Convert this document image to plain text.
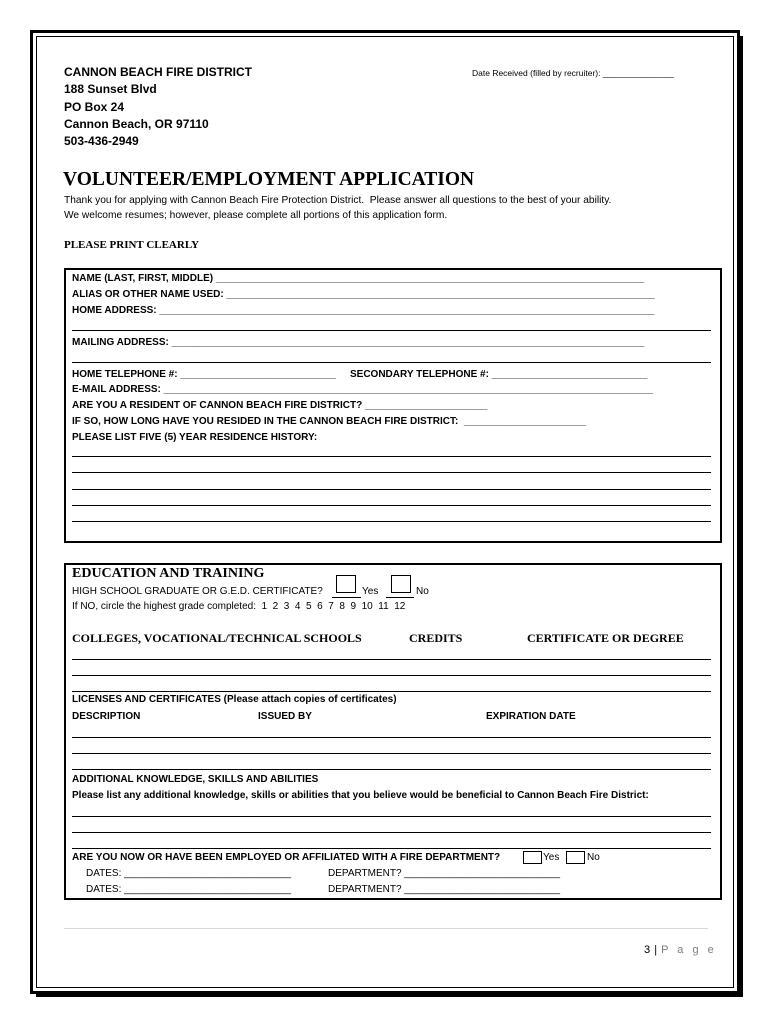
CANNON BEACH FIRE DISTRICT
188 Sunset Blvd
PO Box 24
Cannon Beach, OR 97110
503-436-2949
Date Received (filled by recruiter): _______________
VOLUNTEER/EMPLOYMENT APPLICATION
Thank you for applying with Cannon Beach Fire Protection District.  Please answer all questions to the best of your ability.
We welcome resumes; however, please complete all portions of this application form.
PLEASE PRINT CLEARLY
NAME (LAST, FIRST, MIDDLE) _____________________________________________________________________________
ALIAS OR OTHER NAME USED: _____________________________________________________________________________
HOME ADDRESS: _________________________________________________________________________________________
MAILING ADDRESS: _____________________________________________________________________________________
HOME TELEPHONE #: ____________________________ SECONDARY TELEPHONE #: ____________________________
E-MAIL ADDRESS: ________________________________________________________________________________________
ARE YOU A RESIDENT OF CANNON BEACH FIRE DISTRICT? ______________________
IF SO, HOW LONG HAVE YOU RESIDED IN THE CANNON BEACH FIRE DISTRICT:  ______________________
PLEASE LIST FIVE (5) YEAR RESIDENCE HISTORY:
EDUCATION AND TRAINING
HIGH SCHOOL GRADUATE OR G.E.D. CERTIFICATE?	Yes	No
If NO, circle the highest grade completed:  1  2  3  4  5  6  7  8  9  10  11  12
COLLEGES, VOCATIONAL/TECHNICAL SCHOOLS	CREDITS	CERTIFICATE OR DEGREE
LICENSES AND CERTIFICATES (Please attach copies of certificates)
DESCRIPTION	ISSUED BY	EXPIRATION DATE
ADDITIONAL KNOWLEDGE, SKILLS AND ABILITIES
Please list any additional knowledge, skills or abilities that you believe would be beneficial to Cannon Beach Fire District:
ARE YOU NOW OR HAVE BEEN EMPLOYED OR AFFILIATED WITH A FIRE DEPARTMENT?	Yes	No
DATES: ______________________________	DEPARTMENT? ____________________________
DATES: ______________________________	DEPARTMENT? ____________________________
3 | P a g e
